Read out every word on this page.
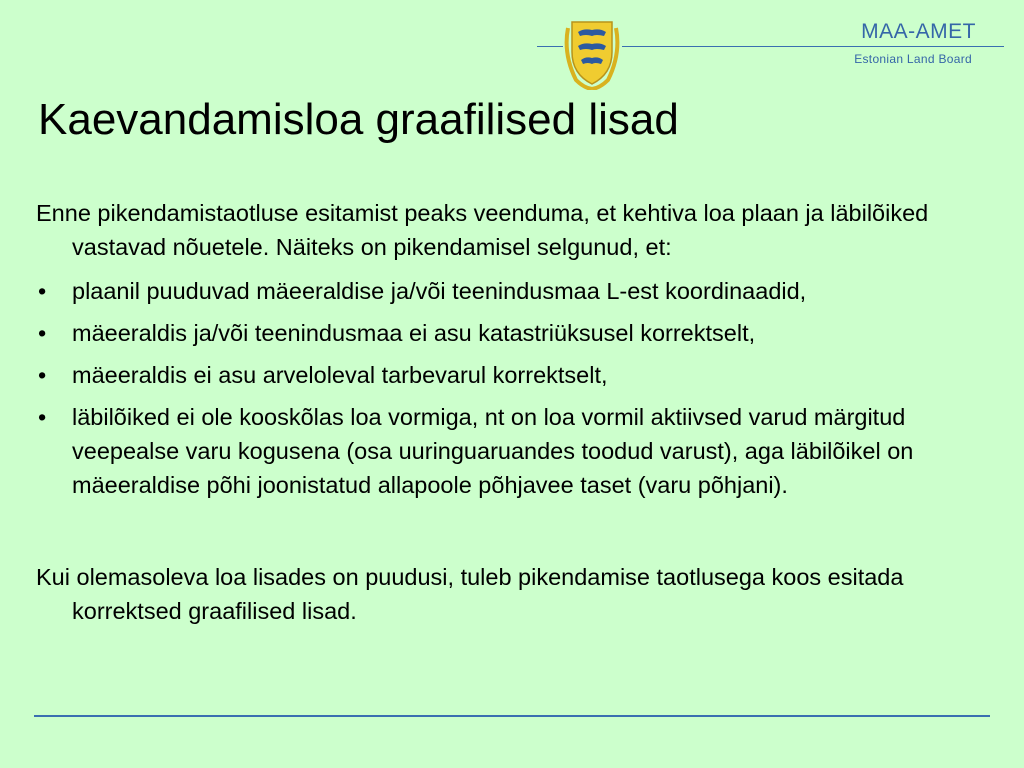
MAA-AMET
Estonian Land Board
Kaevandamisloa graafilised lisad

Enne pikendamistaotluse esitamist peaks veenduma, et kehtiva loa plaan ja läbilõiked vastavad nõuetele. Näiteks on pikendamisel selgunud, et:

• plaanil puuduvad mäeeraldise ja/või teenindusmaa L-est koordinaadid,
• mäeeraldis ja/või teenindusmaa ei asu katastriüksusel korrektselt,
• mäeeraldis ei asu arveloleval tarbevarul korrektselt,
• läbilõiked ei ole kooskõlas loa vormiga, nt on loa vormil aktiivsed varud märgitud veepealse varu kogusena (osa uuringuaruandes toodud varust), aga läbilõikel on mäeeraldise põhi joonistatud allapoole põhjavee taset (varu põhjani).

Kui olemasoleva loa lisades on puudusi, tuleb pikendamise taotlusega koos esitada korrektsed graafilised lisad.
